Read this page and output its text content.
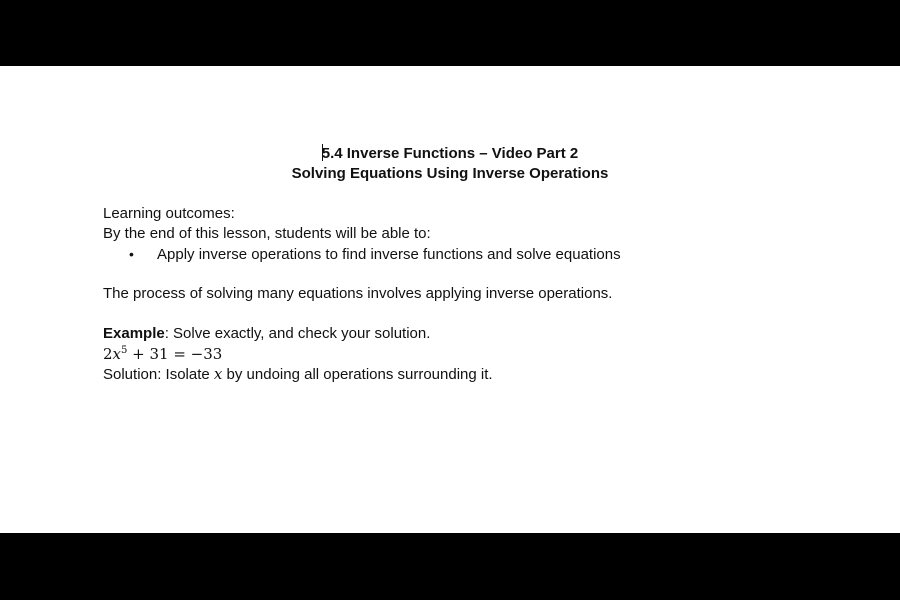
5.4 Inverse Functions – Video Part 2
Solving Equations Using Inverse Operations
Learning outcomes:
By the end of this lesson, students will be able to:
• Apply inverse operations to find inverse functions and solve equations
The process of solving many equations involves applying inverse operations.
Example: Solve exactly, and check your solution.
$2x^5 + 31 = -33$
Solution: Isolate x by undoing all operations surrounding it.
